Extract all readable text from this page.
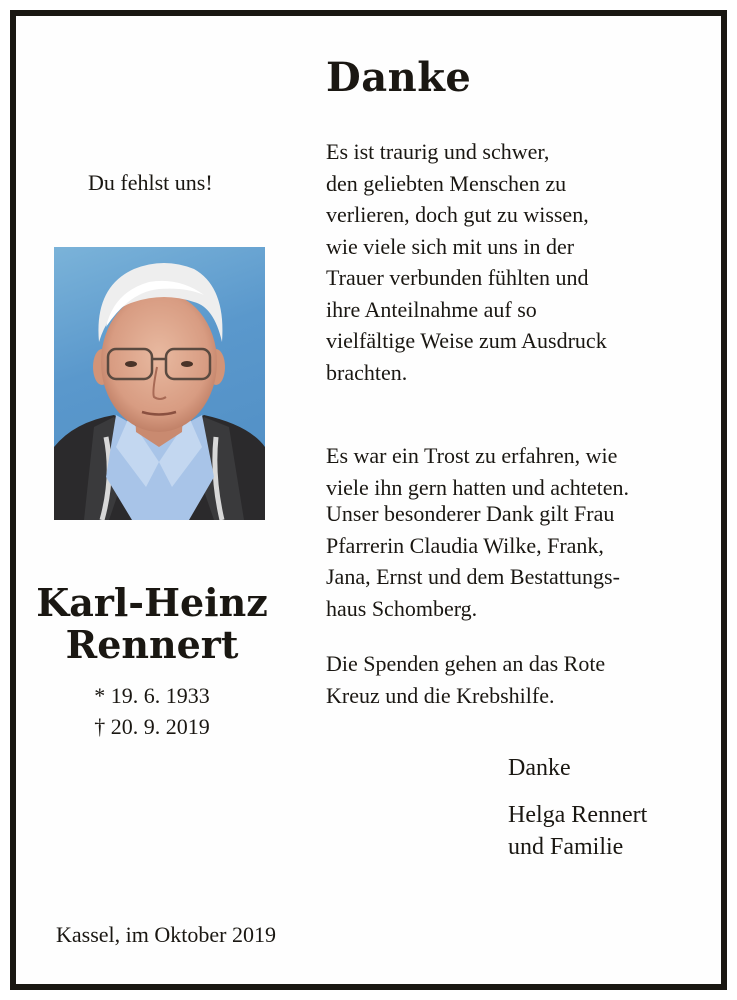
Danke

Du fehlst uns!

Karl-Heinz

Rennert

* 19. 6. 1933

† 20. 9. 2019

Es ist traurig und schwer,
den geliebten Menschen zu
verlieren, doch gut zu wissen,
wie viele sich mit uns in der
Trauer verbunden fühlten und
ihre Anteilnahme auf so
vielfältige Weise zum Ausdruck
brachten.
Es war ein Trost zu erfahren, wie
viele ihn gern hatten und achteten.
Unser besonderer Dank gilt Frau
Pfarrerin Claudia Wilke, Frank,
Jana, Ernst und dem Bestattungs-
haus Schomberg.
Die Spenden gehen an das Rote
Kreuz und die Krebshilfe.

Danke

Helga Rennert
und Familie

Kassel, im Oktober 2019
